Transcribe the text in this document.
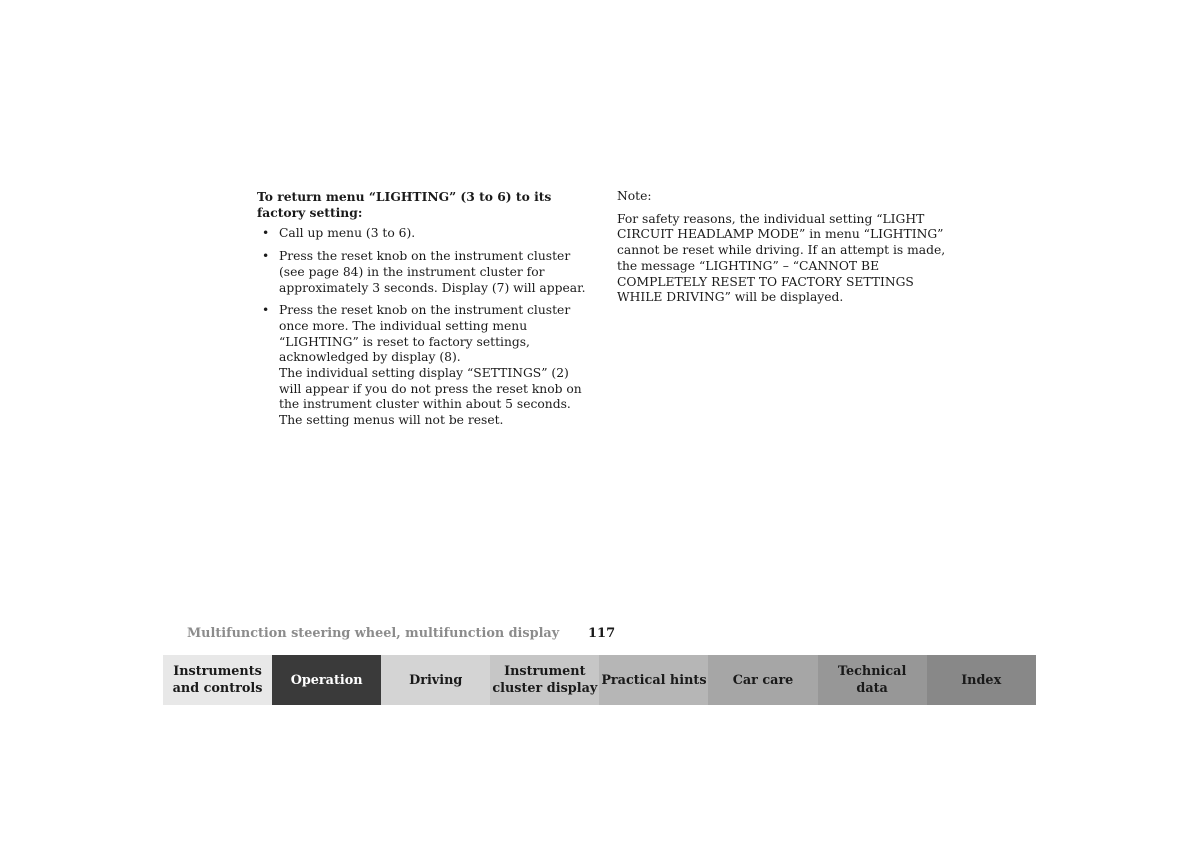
To return menu “LIGHTING” (3 to 6) to its factory setting:

• Call up menu (3 to 6).
• Press the reset knob on the instrument cluster (see page 84) in the instrument cluster for approximately 3 seconds. Display (7) will appear.
• Press the reset knob on the instrument cluster once more. The individual setting menu “LIGHTING” is reset to factory settings, acknowledged by display (8).
The individual setting display “SETTINGS” (2) will appear if you do not press the reset knob on the instrument cluster within about 5 seconds. The setting menus will not be reset.

Note:

For safety reasons, the individual setting “LIGHT CIRCUIT HEADLAMP MODE” in menu “LIGHTING” cannot be reset while driving. If an attempt is made, the message “LIGHTING” – “CANNOT BE COMPLETELY RESET TO FACTORY SETTINGS WHILE DRIVING” will be displayed.

Multifunction steering wheel, multifunction display 117
Instruments
and controls
Operation	Driving
Instrument
cluster display
Practical hints	Car care
Technical
data
Index
